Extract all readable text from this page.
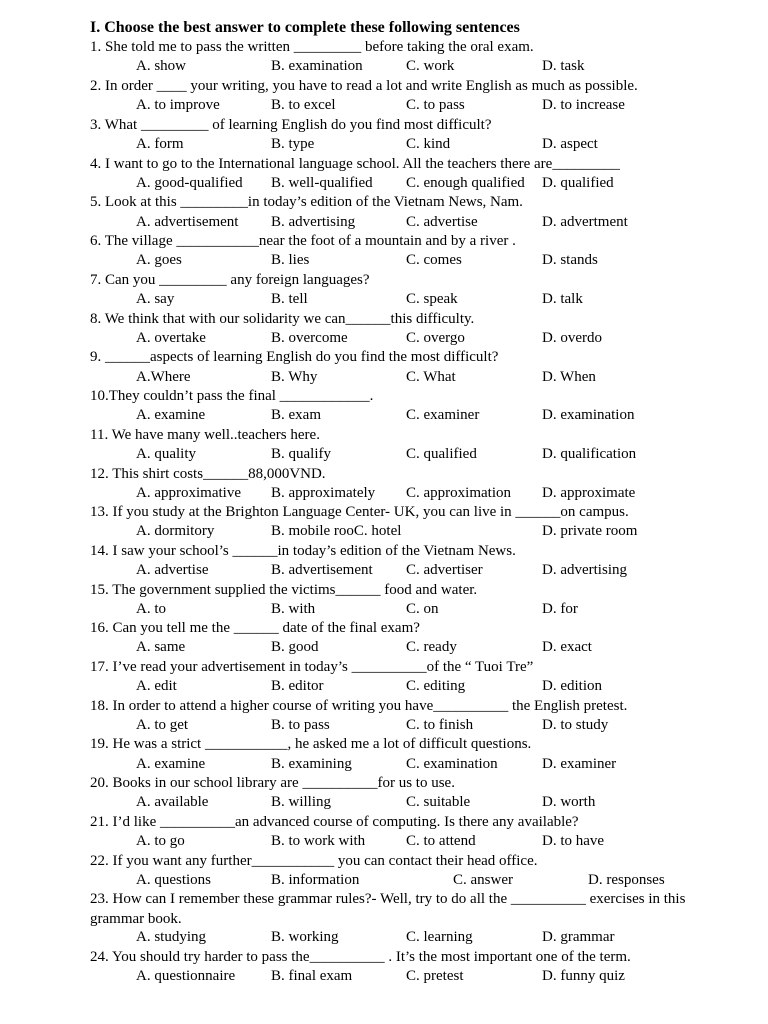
I. Choose the best answer to complete these following sentences
1. She told me to pass the written _________ before taking the oral exam.
A. show	B. examination	C. work	D. task
2. In order ____ your writing, you have to read a lot and write English as much as possible.
A. to improve	B. to excel	C. to pass	D. to increase
3. What _________ of learning English do you find most difficult?
A. form	B. type	C. kind	D. aspect
4. I want to go to the International language school. All the teachers there are_________
A. good-qualified B. well-qualified C. enough qualified D. qualified
5. Look at this _________in today’s edition of the Vietnam News, Nam.
A. advertisement B. advertising	C. advertise	D. advertment
6. The village ___________near the foot of a mountain and by a river .
A. goes	B. lies	C. comes	D. stands
7. Can you _________ any foreign languages?
A. say	B. tell	C. speak	D. talk
8. We think that with our solidarity we can______this difficulty.
A. overtake	B. overcome	C. overgo	D. overdo
9. ______aspects of learning English do you find the most difficult?
A.Where	B. Why	C. What	D. When
10.They couldn’t pass the final ____________.
A. examine	B. exam	C. examiner	D. examination
11. We have many well..teachers here.
A. quality	B. qualify	C. qualified	D. qualification
12. This shirt costs______88,000VND.
A. approximative B. approximately C. approximation D. approximate
13. If you study at the Brighton Language Center- UK, you can live in ______on campus.
A. dormitory	B. mobile rooC. hotel	D. private room
14. I saw your school’s ______in today’s edition of the Vietnam News.
A. advertise	B. advertisement C. advertiser	D. advertising
15. The government supplied the victims______ food and water.
A. to	B. with	C. on	D. for
16. Can you tell me the ______ date of the final exam?
A. same	B. good	C. ready	D. exact
17. I’ve read your advertisement in today’s __________of the “ Tuoi Tre”
A. edit	B. editor	C. editing	D. edition
18. In order to attend a higher course of writing you have__________ the English pretest.
A. to get	B. to pass	C. to finish	D. to study
19. He was a strict ___________, he asked me a lot of difficult questions.
A. examine	B. examining	C. examination	D. examiner
20. Books in our school library are __________for us to use.
A. available	B. willing	C. suitable	D. worth
21. I’d like __________an advanced course of computing. Is there any available?
A. to go	B. to work with	C. to attend	D. to have
22. If you want any further___________ you can contact their head office.
A. questions	B. information	C. answer	D. responses
23. How can I remember these grammar rules?- Well, try to do all the __________ exercises in this grammar book.
A. studying	B. working	C. learning	D. grammar
24. You should try harder to pass the__________ . It’s the most important one of the term.
A. questionnaire B. final exam	C. pretest	D. funny quiz
